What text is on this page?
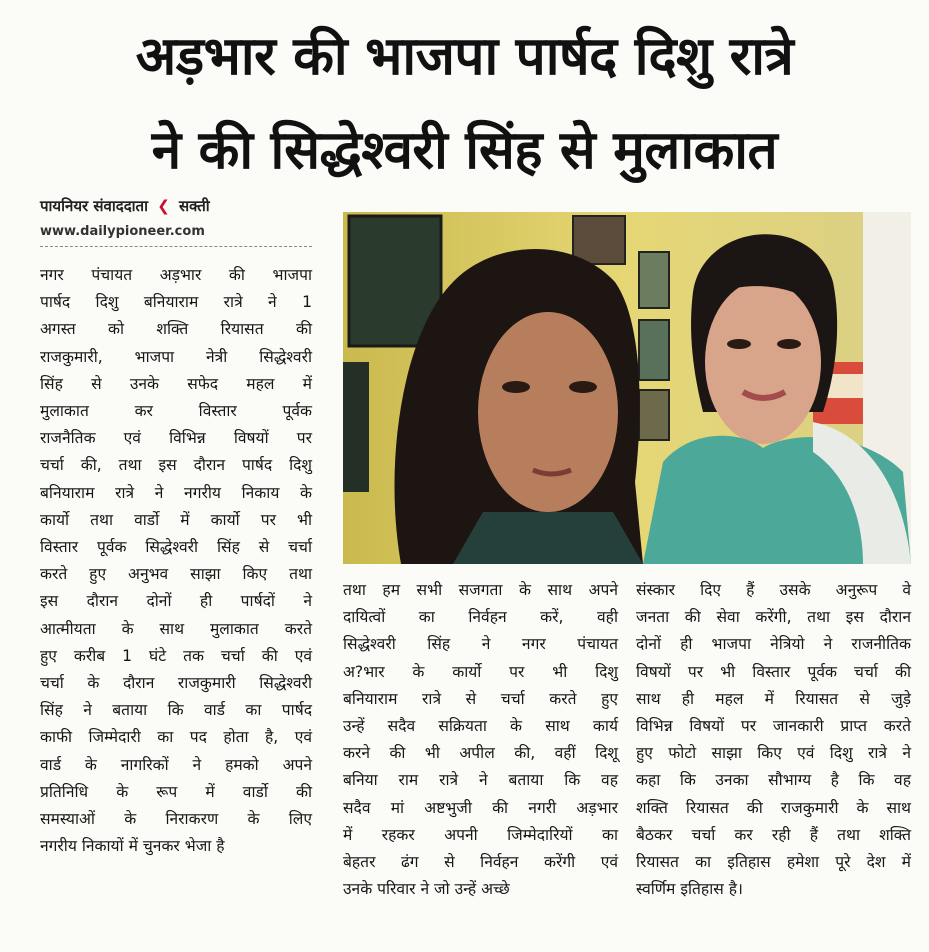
अड़भार की भाजपा पार्षद दिशु रात्रे
ने की सिद्धेश्वरी सिंह से मुलाकात
पायनियर संवाददाता ❮ सक्ती
www.dailypioneer.com
नगर पंचायत अड़भार की भाजपा
पार्षद दिशु बनियाराम रात्रे ने 1
अगस्त को शक्ति रियासत की
राजकुमारी, भाजपा नेत्री सिद्धेश्वरी
सिंह से उनके सफेद महल में
मुलाकात कर विस्तार पूर्वक
राजनैतिक एवं विभिन्न विषयों पर
चर्चा की, तथा इस दौरान पार्षद दिशु
बनियाराम रात्रे ने नगरीय निकाय के
कार्यो तथा वार्डो में कार्यो पर भी
विस्तार पूर्वक सिद्धेश्वरी सिंह से चर्चा
करते हुए अनुभव साझा किए तथा
इस दौरान दोनों ही पार्षदों ने
आत्मीयता के साथ मुलाकात करते
हुए करीब 1 घंटे तक चर्चा की एवं
चर्चा के दौरान राजकुमारी सिद्धेश्वरी
सिंह ने बताया कि वार्ड का पार्षद
काफी जिम्मेदारी का पद होता है, एवं
वार्ड के नागरिकों ने हमको अपने
प्रतिनिधि के रूप में वार्डो की
समस्याओं के निराकरण के लिए
नगरीय निकायों में चुनकर भेजा है
तथा हम सभी सजगता के साथ अपने
दायित्वों का निर्वहन करें, वही
सिद्धेश्वरी सिंह ने नगर पंचायत
अ?भार के कार्यो पर भी दिशु
बनियाराम रात्रे से चर्चा करते हुए
उन्हें सदैव सक्रियता के साथ कार्य
करने की भी अपील की, वहीं दिशू
बनिया राम रात्रे ने बताया कि वह
सदैव मां अष्टभुजी की नगरी अड़भार
में रहकर अपनी जिम्मेदारियों का
बेहतर ढंग से निर्वहन करेंगी एवं
उनके परिवार ने जो उन्हें अच्छे
संस्कार दिए हैं उसके अनुरूप वे
जनता की सेवा करेंगी, तथा इस दौरान
दोनों ही भाजपा नेत्रियो ने राजनीतिक
विषयों पर भी विस्तार पूर्वक चर्चा की
साथ ही महल में रियासत से जुड़े
विभिन्न विषयों पर जानकारी प्राप्त करते
हुए फोटो साझा किए एवं दिशु रात्रे ने
कहा कि उनका सौभाग्य है कि वह
शक्ति रियासत की राजकुमारी के साथ
बैठकर चर्चा कर रही हैं तथा शक्ति
रियासत का इतिहास हमेशा पूरे देश में
स्वर्णिम इतिहास है।
